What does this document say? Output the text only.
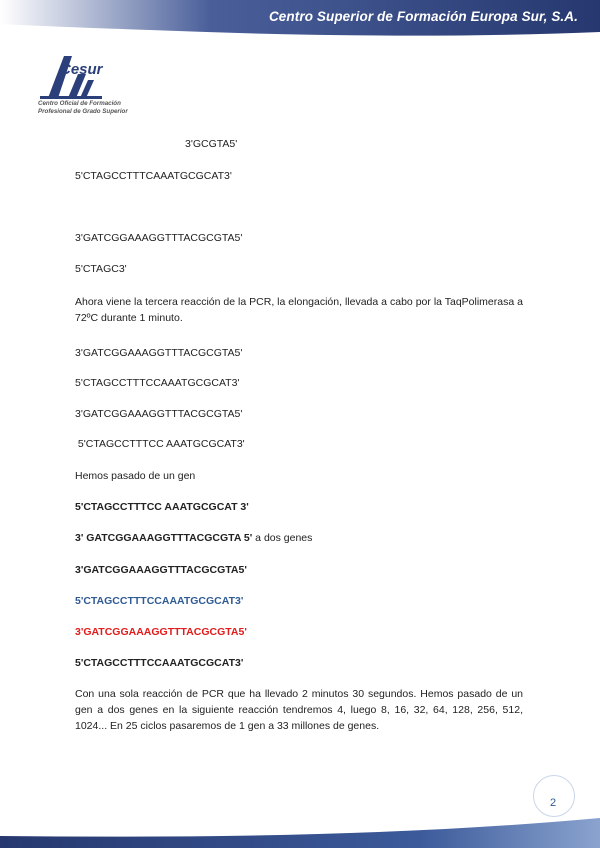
Centro Superior de Formación Europa Sur, S.A.
Cesur
Centro Oficial de Formación
Profesional de Grado Superior
3'GCGTA5'
5'CTAGCCTTTCAAATGCGCAT3'
3'GATCGGAAAGGTTTACGCGTA5'
5'CTAGC3'
Ahora viene la tercera reacción de la PCR, la elongación, llevada a cabo por la TaqPolimerasa a 72ºC durante 1 minuto.
3'GATCGGAAAGGTTTACGCGTA5'
5'CTAGCCTTTCCAAATGCGCAT3'
3'GATCGGAAAGGTTTACGCGTA5'
5'CTAGCCTTTCC AAATGCGCAT3'
Hemos pasado de un gen
5'CTAGCCTTTCC AAATGCGCAT 3'
3' GATCGGAAAGGTTTACGCGTA 5' a dos genes
3'GATCGGAAAGGTTTACGCGTA5'
5'CTAGCCTTTCCAAATGCGCAT3'
3'GATCGGAAAGGTTTACGCGTA5'
5'CTAGCCTTTCCAAATGCGCAT3'
Con una sola reacción de PCR que ha llevado 2 minutos 30 segundos. Hemos pasado de un gen a dos genes en la siguiente reacción tendremos 4, luego 8, 16, 32, 64, 128, 256, 512, 1024... En 25 ciclos pasaremos de 1 gen a 33 millones de genes.
2
